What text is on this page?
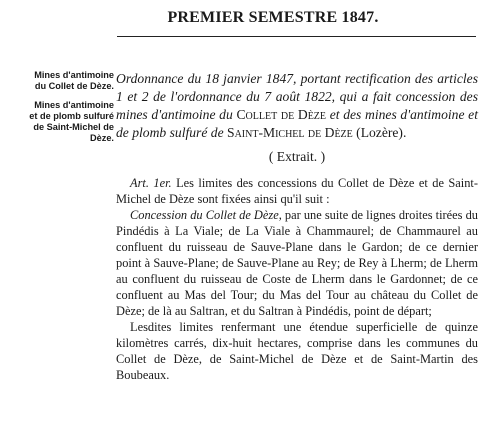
PREMIER SEMESTRE 1847.
Mines d'antimoine du Collet de Dèze.
Mines d'antimoine et de plomb sulfuré de Saint-Michel de Dèze.
Ordonnance du 18 janvier 1847, portant rectification des articles 1 et 2 de l'ordonnance du 7 août 1822, qui a fait concession des mines d'antimoine du Collet de Dèze et des mines d'antimoine et de plomb sulfuré de Saint-Michel de Dèze (Lozère).
( Extrait. )

Art. 1er. Les limites des concessions du Collet de Dèze et de Saint-Michel de Dèze sont fixées ainsi qu'il suit :

Concession du Collet de Dèze, par une suite de lignes droites tirées du Pindédis à La Viale; de La Viale à Chammaurel; de Chammaurel au confluent du ruisseau de Sauve-Plane dans le Gardon; de ce dernier point à Sauve-Plane; de Sauve-Plane au Rey; de Rey à Lherm; de Lherm au confluent du ruisseau de Coste de Lherm dans le Gardonnet; de ce confluent au Mas del Tour; du Mas del Tour au château du Collet de Dèze; de là au Saltran, et du Saltran à Pindédis, point de départ;

Lesdites limites renfermant une étendue superficielle de quinze kilomètres carrés, dix-huit hectares, comprise dans les communes du Collet de Dèze, de Saint-Michel de Dèze et de Saint-Martin des Boubeaux.
